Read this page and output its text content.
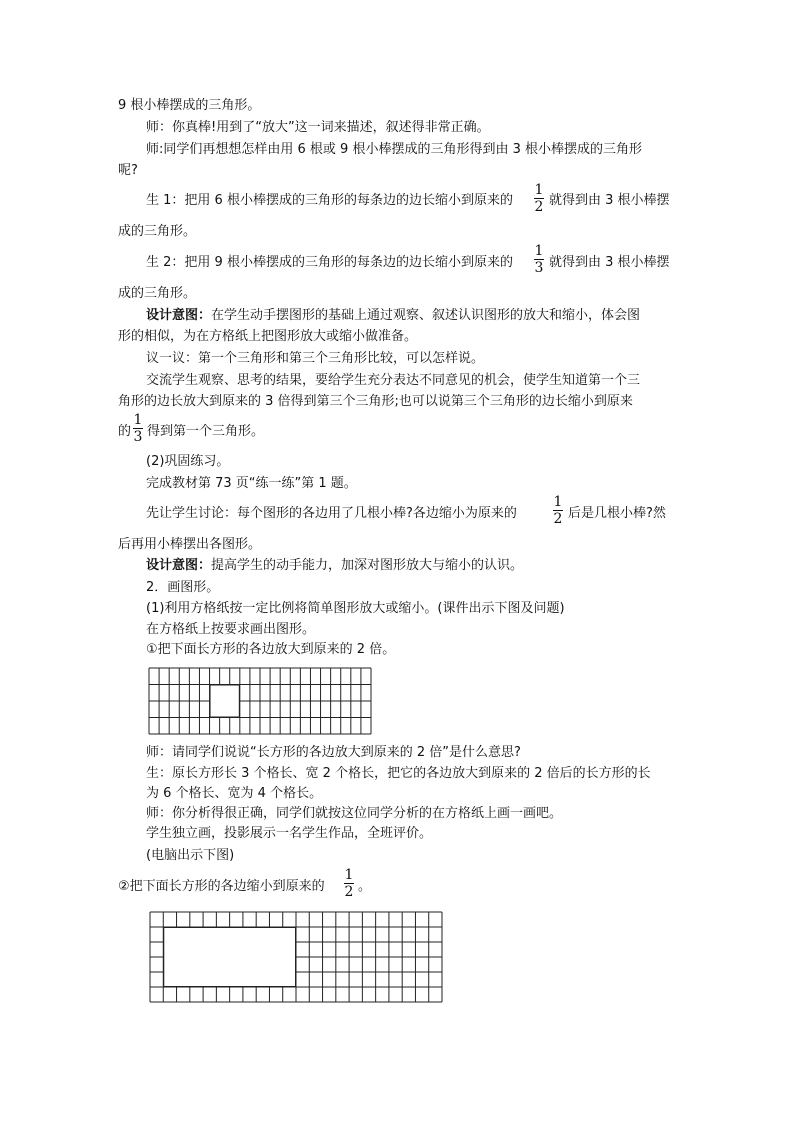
9 根小棒摆成的三角形。
师：你真棒!用到了“放大”这一词来描述，叙述得非常正确。
师:同学们再想想怎样由用 6 根或 9 根小棒摆成的三角形得到由 3 根小棒摆成的三角形
呢?
生 1：把用 6 根小棒摆成的三角形的每条边的边长缩小到原来的
1
2 就得到由 3 根小棒摆
成的三角形。
生 2：把用 9 根小棒摆成的三角形的每条边的边长缩小到原来的
1
3 就得到由 3 根小棒摆
成的三角形。
设计意图：在学生动手摆图形的基础上通过观察、叙述认识图形的放大和缩小，体会图
形的相似，为在方格纸上把图形放大或缩小做准备。
议一议：第一个三角形和第三个三角形比较，可以怎样说。
交流学生观察、思考的结果，要给学生充分表达不同意见的机会，使学生知道第一个三
角形的边长放大到原来的 3 倍得到第三个三角形;也可以说第三个三角形的边长缩小到原来
的
1
3 得到第一个三角形。
(2)巩固练习。
完成教材第 73 页“练一练”第 1 题。
先让学生讨论：每个图形的各边用了几根小棒?各边缩小为原来的
1
2 后是几根小棒?然
后再用小棒摆出各图形。
设计意图：提高学生的动手能力，加深对图形放大与缩小的认识。
2．画图形。
(1)利用方格纸按一定比例将简单图形放大或缩小。(课件出示下图及问题)
在方格纸上按要求画出图形。
①把下面长方形的各边放大到原来的 2 倍。
师：请同学们说说“长方形的各边放大到原来的 2 倍”是什么意思?
生：原长方形长 3 个格长、宽 2 个格长，把它的各边放大到原来的 2 倍后的长方形的长
为 6 个格长、宽为 4 个格长。
师：你分析得很正确，同学们就按这位同学分析的在方格纸上画一画吧。
学生独立画，投影展示一名学生作品，全班评价。
(电脑出示下图)
②把下面长方形的各边缩小到原来的
1
2 。
